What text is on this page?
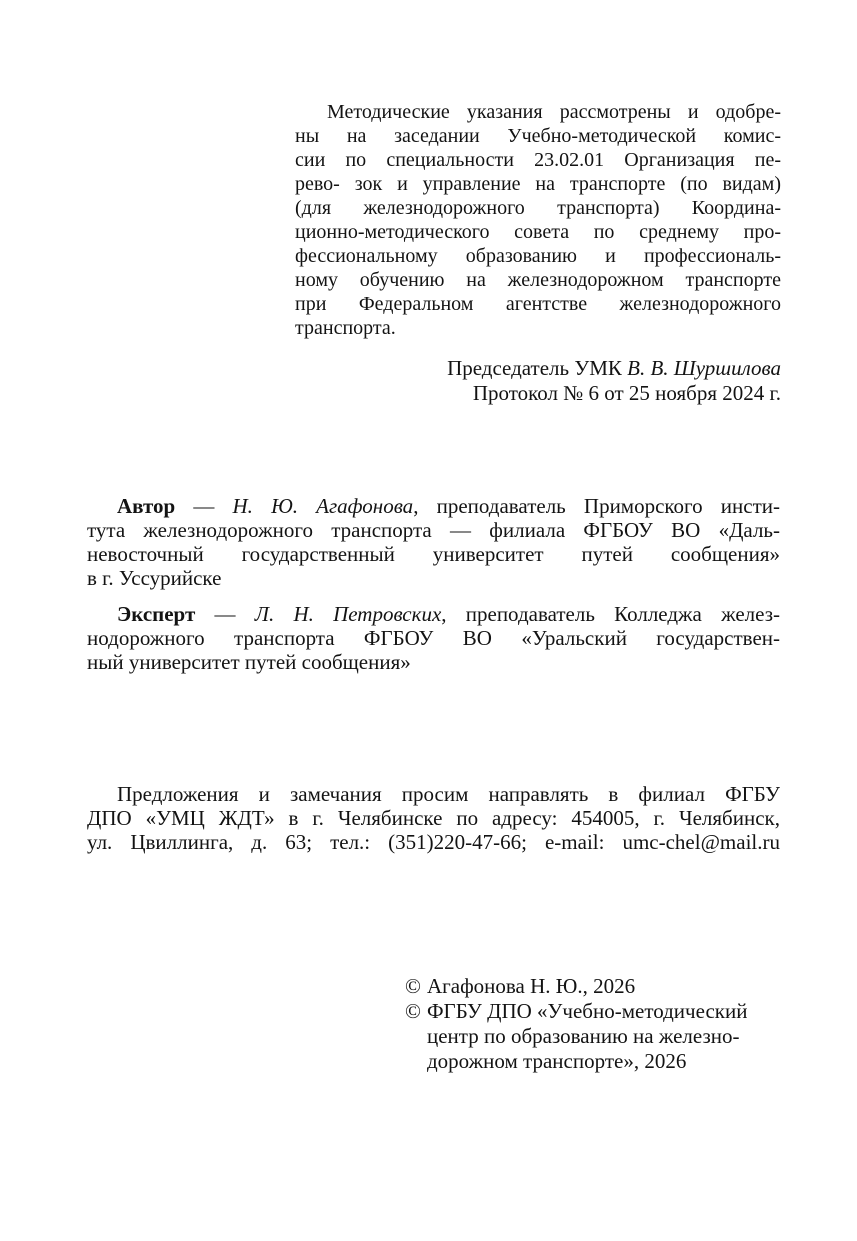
Методические указания рассмотрены и одобре-
ны на заседании Учебно-методической комис-
сии по специальности 23.02.01 Организация пе-
рево- зок и управление на транспорте (по видам)
(для железнодорожного транспорта) Координа-
ционно-методического совета по среднему про-
фессиональному образованию и профессиональ-
ному обучению на железнодорожном транспорте
при Федеральном агентстве железнодорожного
транспорта.
Председатель УМК В. В. Шуршилова
Протокол № 6 от 25 ноября 2024 г.
Автор — Н. Ю. Агафонова, преподаватель Приморского инсти-
тута железнодорожного транспорта — филиала ФГБОУ ВО «Даль-
невосточный государственный университет путей сообщения»
в г. Уссурийске
Эксперт — Л. Н. Петровских, преподаватель Колледжа желез-
нодорожного транспорта ФГБОУ ВО «Уральский государствен-
ный университет путей сообщения»
Предложения и замечания просим направлять в филиал ФГБУ
ДПО «УМЦ ЖДТ» в г. Челябинске по адресу: 454005, г. Челябинск,
ул. Цвиллинга, д. 63; тел.: (351)220-47-66; e-mail: umc-chel@mail.ru
© Агафонова Н. Ю., 2026
© ФГБУ ДПО «Учебно-методический
центр по образованию на железно-
дорожном транспорте», 2026
